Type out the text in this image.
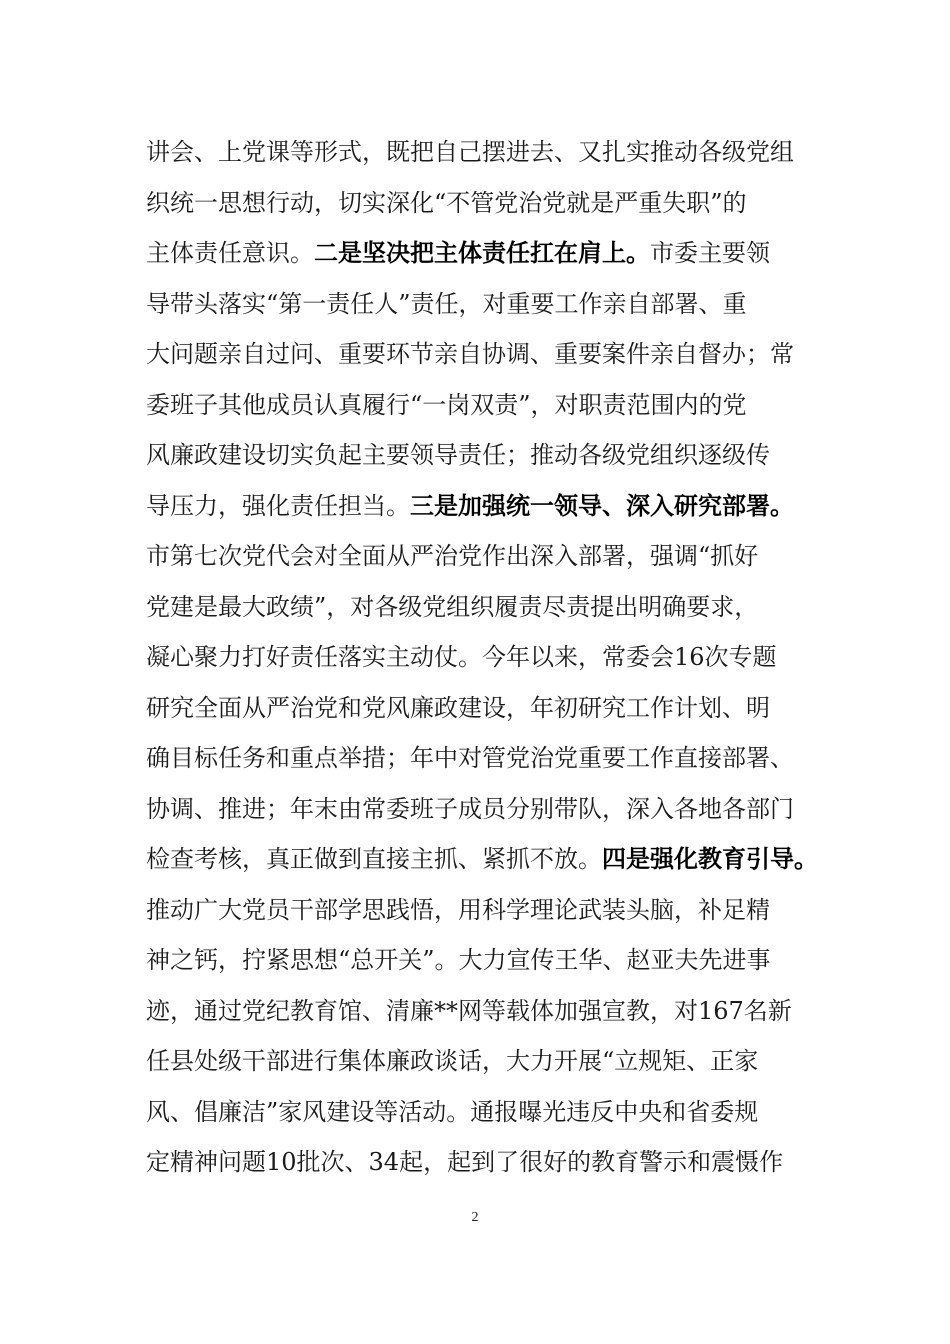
讲会、上党课等形式，既把自己摆进去、又扎实推动各级党组
织统一思想行动，切实深化“不管党治党就是严重失职”的
主体责任意识。二是坚决把主体责任扛在肩上。市委主要领
导带头落实“第一责任人”责任，对重要工作亲自部署、重
大问题亲自过问、重要环节亲自协调、重要案件亲自督办；常
委班子其他成员认真履行“一岗双责”，对职责范围内的党
风廉政建设切实负起主要领导责任；推动各级党组织逐级传
导压力，强化责任担当。三是加强统一领导、深入研究部署。
市第七次党代会对全面从严治党作出深入部署，强调“抓好
党建是最大政绩”，对各级党组织履责尽责提出明确要求，
凝心聚力打好责任落实主动仗。今年以来，常委会16次专题
研究全面从严治党和党风廉政建设，年初研究工作计划、明
确目标任务和重点举措；年中对管党治党重要工作直接部署、
协调、推进；年末由常委班子成员分别带队，深入各地各部门
检查考核，真正做到直接主抓、紧抓不放。四是强化教育引导。
推动广大党员干部学思践悟，用科学理论武装头脑，补足精
神之钙，拧紧思想“总开关”。大力宣传王华、赵亚夫先进事
迹，通过党纪教育馆、清廉**网等载体加强宣教，对167名新
任县处级干部进行集体廉政谈话，大力开展“立规矩、正家
风、倡廉洁”家风建设等活动。通报曝光违反中央和省委规
定精神问题10批次、34起，起到了很好的教育警示和震慑作
2
